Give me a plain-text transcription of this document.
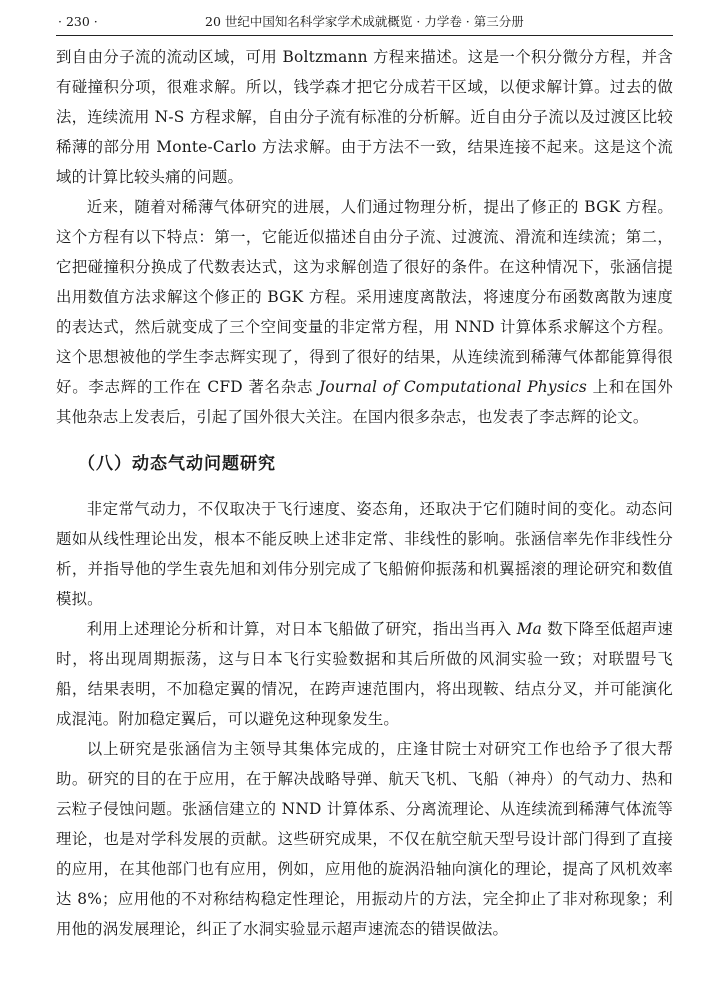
· 230 ·	20 世纪中国知名科学家学术成就概览 · 力学卷 · 第三分册

到自由分子流的流动区域，可用 Boltzmann 方程来描述。这是一个积分微分方程，并含有碰撞积分项，很难求解。所以，钱学森才把它分成若干区域，以便求解计算。过去的做法，连续流用 N-S 方程求解，自由分子流有标准的分析解。近自由分子流以及过渡区比较稀薄的部分用 Monte-Carlo 方法求解。由于方法不一致，结果连接不起来。这是这个流域的计算比较头痛的问题。

近来，随着对稀薄气体研究的进展，人们通过物理分析，提出了修正的 BGK 方程。这个方程有以下特点：第一，它能近似描述自由分子流、过渡流、滑流和连续流；第二，它把碰撞积分换成了代数表达式，这为求解创造了很好的条件。在这种情况下，张涵信提出用数值方法求解这个修正的 BGK 方程。采用速度离散法，将速度分布函数离散为速度的表达式，然后就变成了三个空间变量的非定常方程，用 NND 计算体系求解这个方程。这个思想被他的学生李志辉实现了，得到了很好的结果，从连续流到稀薄气体都能算得很好。李志辉的工作在 CFD 著名杂志 Journal of Computational Physics 上和在国外其他杂志上发表后，引起了国外很大关注。在国内很多杂志，也发表了李志辉的论文。

（八）动态气动问题研究

非定常气动力，不仅取决于飞行速度、姿态角，还取决于它们随时间的变化。动态问题如从线性理论出发，根本不能反映上述非定常、非线性的影响。张涵信率先作非线性分析，并指导他的学生袁先旭和刘伟分别完成了飞船俯仰振荡和机翼摇滚的理论研究和数值模拟。

利用上述理论分析和计算，对日本飞船做了研究，指出当再入 Ma 数下降至低超声速时，将出现周期振荡，这与日本飞行实验数据和其后所做的风洞实验一致；对联盟号飞船，结果表明，不加稳定翼的情况，在跨声速范围内，将出现鞍、结点分叉，并可能演化成混沌。附加稳定翼后，可以避免这种现象发生。

以上研究是张涵信为主领导其集体完成的，庄逢甘院士对研究工作也给予了很大帮助。研究的目的在于应用，在于解决战略导弹、航天飞机、飞船（神舟）的气动力、热和云粒子侵蚀问题。张涵信建立的 NND 计算体系、分离流理论、从连续流到稀薄气体流等理论，也是对学科发展的贡献。这些研究成果，不仅在航空航天型号设计部门得到了直接的应用，在其他部门也有应用，例如，应用他的旋涡沿轴向演化的理论，提高了风机效率达 8%；应用他的不对称结构稳定性理论，用振动片的方法，完全抑止了非对称现象；利用他的涡发展理论，纠正了水洞实验显示超声速流态的错误做法。
